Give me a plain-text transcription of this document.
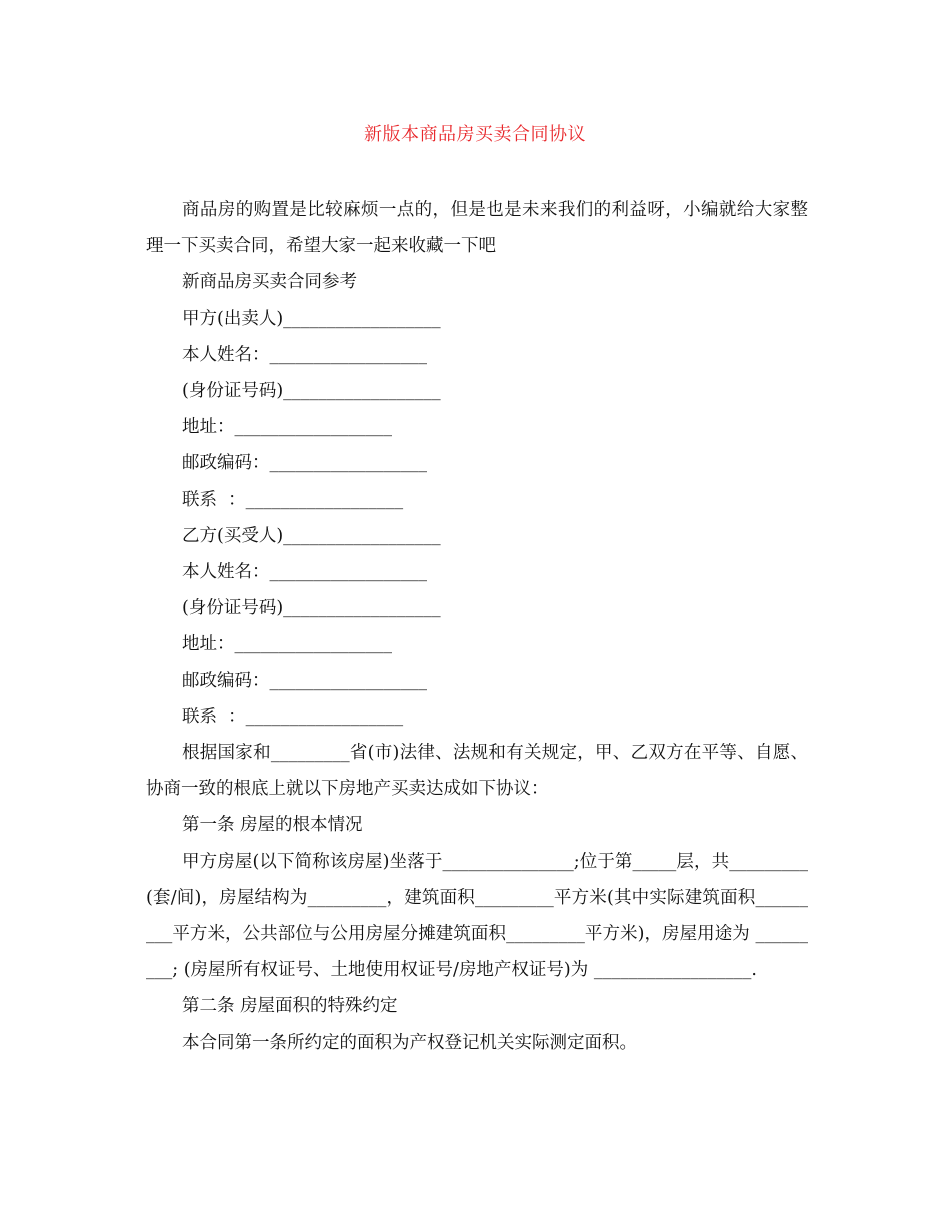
新版本商品房买卖合同协议

商品房的购置是比较麻烦一点的，但是也是未来我们的利益呀，小编就给大家整理一下买卖合同，希望大家一起来收藏一下吧

新商品房买卖合同参考

甲方(出卖人)__________________

本人姓名：__________________

(身份证号码)__________________

地址：__________________

邮政编码：__________________

联系  ：__________________

乙方(买受人)__________________

本人姓名：__________________

(身份证号码)__________________

地址：__________________

邮政编码：__________________

联系  ：__________________

根据国家和_________省(市)法律、法规和有关规定，甲、乙双方在平等、自愿、协商一致的根底上就以下房地产买卖达成如下协议：

第一条 房屋的根本情况

甲方房屋(以下简称该房屋)坐落于_______________;位于第_____层，共_________(套/间)，房屋结构为_________，建筑面积_________平方米(其中实际建筑面积_________平方米，公共部位与公用房屋分摊建筑面积_________平方米)，房屋用途为 _________; (房屋所有权证号、土地使用权证号/房地产权证号)为 __________________.

第二条 房屋面积的特殊约定

本合同第一条所约定的面积为产权登记机关实际测定面积。
